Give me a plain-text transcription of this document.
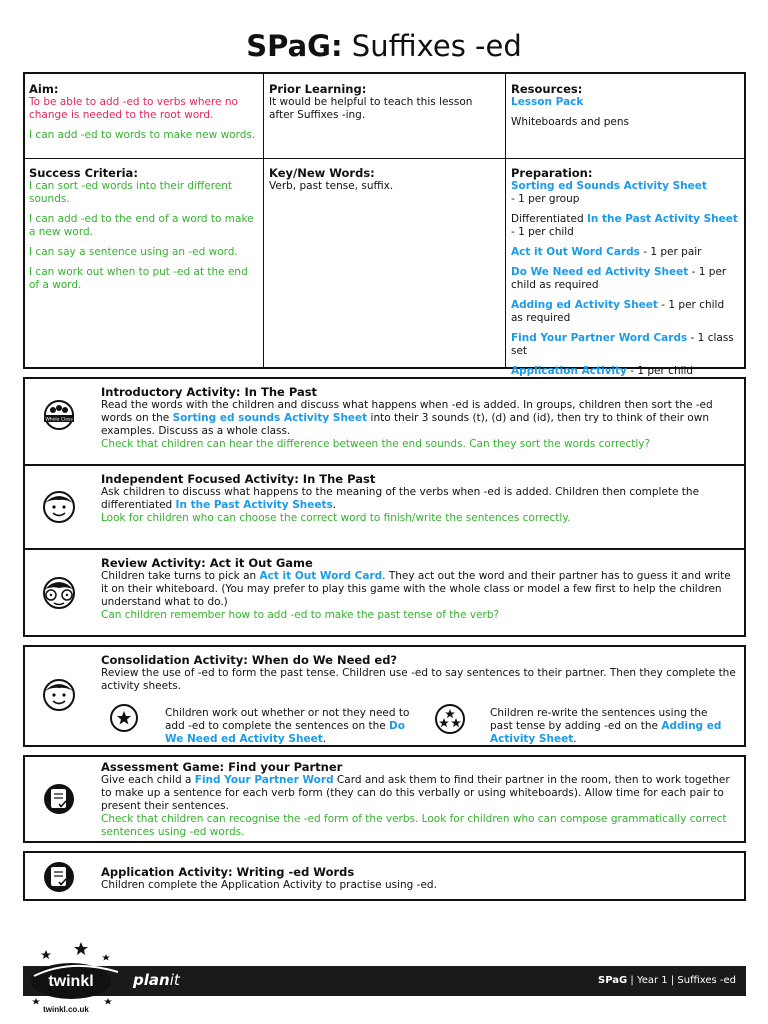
SPaG: Suffixes -ed
Aim:
To be able to add -ed to verbs where no change is needed to the root word.
I can add -ed to words to make new words.
Prior Learning:
It would be helpful to teach this lesson after Suffixes -ing.
Resources:
Lesson Pack
Whiteboards and pens
Success Criteria:
I can sort -ed words into their different sounds.
I can add -ed to the end of a word to make a new word.
I can say a sentence using an -ed word.
I can work out when to put -ed at the end of a word.
Key/New Words:
Verb, past tense, suffix.
Preparation:
Sorting ed Sounds Activity Sheet
- 1 per group
Differentiated In the Past Activity Sheet
- 1 per child
Act it Out Word Cards - 1 per pair
Do We Need ed Activity Sheet - 1 per child as required
Adding ed Activity Sheet - 1 per child as required
Find Your Partner Word Cards - 1 class set
Application Activity - 1 per child
Whole Class
Introductory Activity: In The Past
Read the words with the children and discuss what happens when -ed is added. In groups, children then sort the -ed words on the Sorting ed sounds Activity Sheet into their 3 sounds (t), (d) and (id), then try to think of their own examples. Discuss as a whole class.
Check that children can hear the difference between the end sounds. Can they sort the words correctly?
Independent Focused Activity: In The Past
Ask children to discuss what happens to the meaning of the verbs when -ed is added. Children then complete the differentiated In the Past Activity Sheets.
Look for children who can choose the correct word to finish/write the sentences correctly.
Review Activity: Act it Out Game
Children take turns to pick an Act it Out Word Card. They act out the word and their partner has to guess it and write it on their whiteboard. (You may prefer to play this game with the whole class or model a few first to help the children understand what to do.)
Can children remember how to add -ed to make the past tense of the verb?
Consolidation Activity: When do We Need ed?
Review the use of -ed to form the past tense. Children use -ed to say sentences to their partner. Then they complete the activity sheets.
Children work out whether or not they need to add -ed to complete the sentences on the Do We Need ed Activity Sheet.
Children re-write the sentences using the past tense by adding -ed on the Adding ed Activity Sheet.
Assessment Game: Find your Partner
Give each child a Find Your Partner Word Card and ask them to find their partner in the room, then to work together to make up a sentence for each verb form (they can do this verbally or using whiteboards). Allow time for each pair to present their sentences.
Check that children can recognise the -ed form of the verbs. Look for children who can compose grammatically correct sentences using -ed words.
Application Activity: Writing -ed Words
Children complete the Application Activity to practise using -ed.
SPaG | Year 1 | Suffixes -ed
twinkl
twinkl.co.uk
planit
